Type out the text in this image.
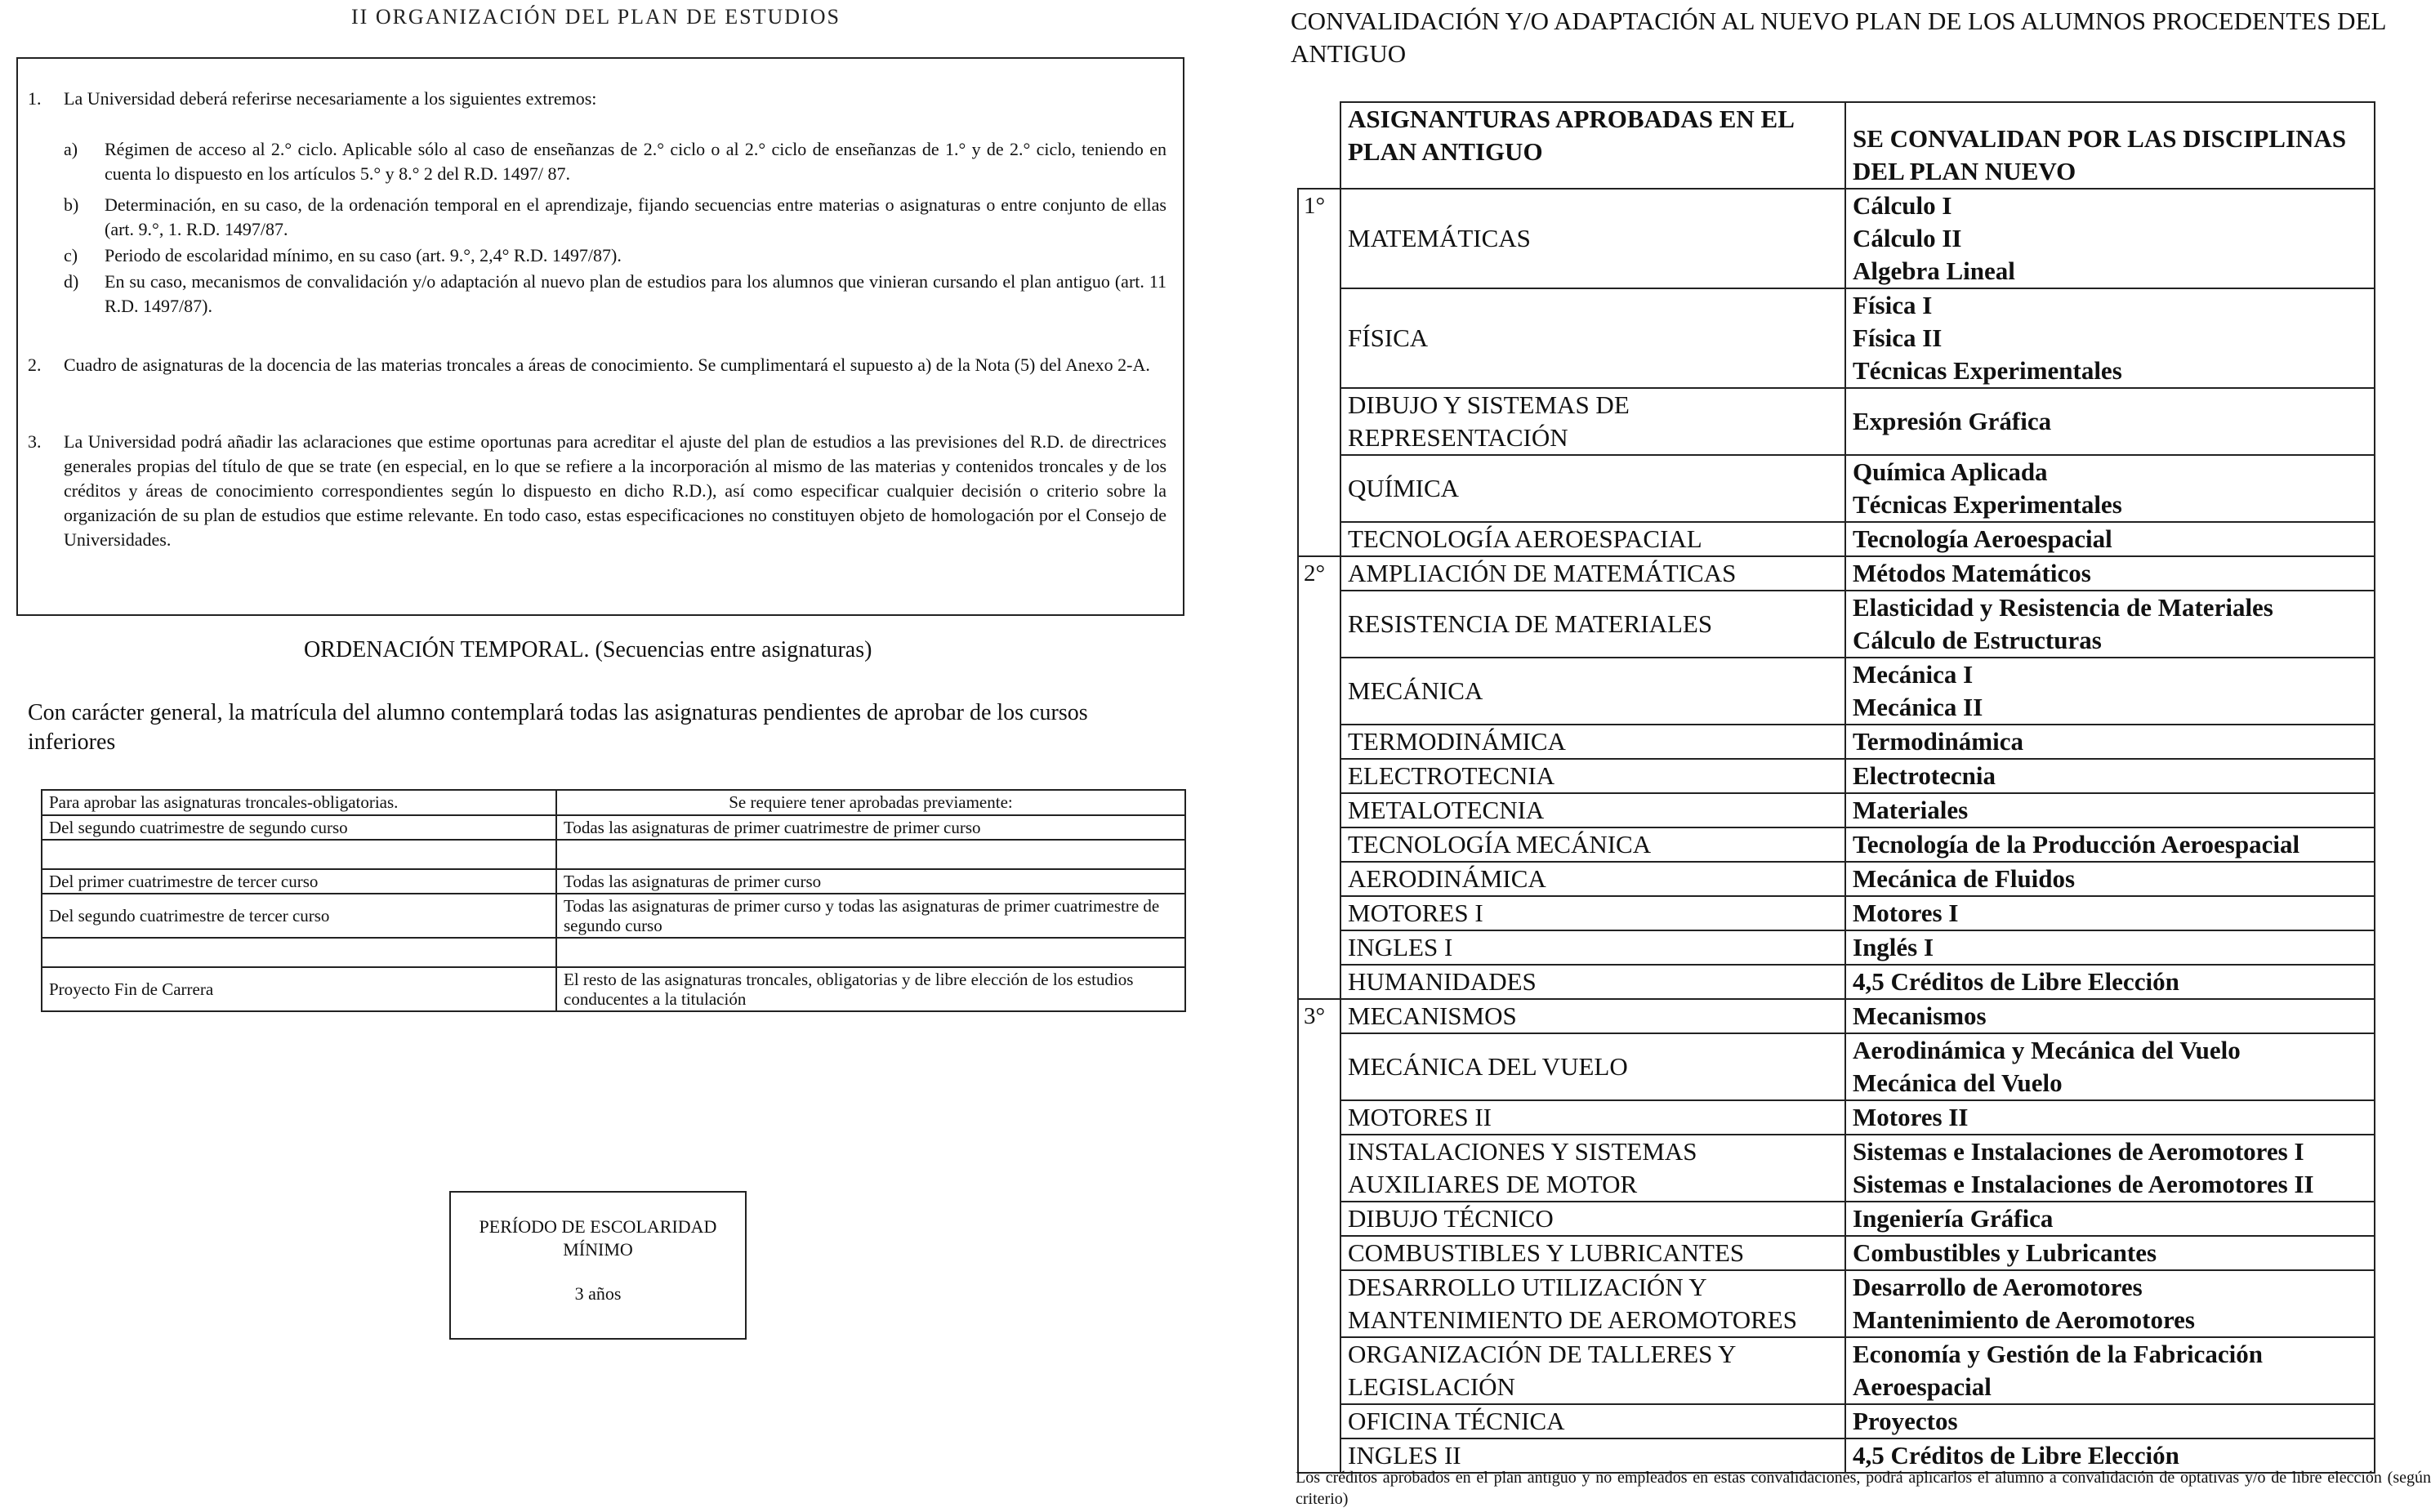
II ORGANIZACIÓN DEL PLAN DE ESTUDIOS
1. La Universidad deberá referirse necesariamente a los siguientes extremos:
a) Régimen de acceso al 2.° ciclo. Aplicable sólo al caso de enseñanzas de 2.° ciclo o al 2.° ciclo de enseñanzas de 1.° y de 2.° ciclo, teniendo en cuenta lo dispuesto en los artículos 5.° y 8.° 2 del R.D. 1497/ 87.
b) Determinación, en su caso, de la ordenación temporal en el aprendizaje, fijando secuencias entre materias o asignaturas o entre conjunto de ellas (art. 9.°, 1. R.D. 1497/87.
c) Periodo de escolaridad mínimo, en su caso (art. 9.°, 2,4° R.D. 1497/87).
d) En su caso, mecanismos de convalidación y/o adaptación al nuevo plan de estudios para los alumnos que vinieran cursando el plan antiguo (art. 11 R.D. 1497/87).
2. Cuadro de asignaturas de la docencia de las materias troncales a áreas de conocimiento. Se cumplimentará el supuesto a) de la Nota (5) del Anexo 2-A.
3. La Universidad podrá añadir las aclaraciones que estime oportunas para acreditar el ajuste del plan de estudios a las previsiones del R.D. de directrices generales propias del título de que se trate (en especial, en lo que se refiere a la incorporación al mismo de las materias y contenidos troncales y de los créditos y áreas de conocimiento correspondientes según lo dispuesto en dicho R.D.), así como especificar cualquier decisión o criterio sobre la organización de su plan de estudios que estime relevante. En todo caso, estas especificaciones no constituyen objeto de homologación por el Consejo de Universidades.
ORDENACIÓN TEMPORAL. (Secuencias entre asignaturas)
Con carácter general, la matrícula del alumno contemplará todas las asignaturas pendientes de aprobar de los cursos inferiores
Para aprobar las asignaturas troncales-obligatorias.	Se requiere tener aprobadas previamente:
Del segundo cuatrimestre de segundo curso	Todas las asignaturas de primer cuatrimestre de primer curso

Del primer cuatrimestre de tercer curso	Todas las asignaturas de primer curso
Del segundo cuatrimestre de tercer curso	Todas las asignaturas de primer curso y todas las asignaturas de primer cuatrimestre de segundo curso

Proyecto Fin de Carrera	El resto de las asignaturas troncales, obligatorias y de libre elección de los estudios conducentes a la titulación
PERÍODO DE ESCOLARIDAD
MÍNIMO
3 años
CONVALIDACIÓN Y/O ADAPTACIÓN AL NUEVO PLAN DE LOS ALUMNOS PROCEDENTES DEL ANTIGUO
	ASIGNANTURAS APROBADAS EN EL PLAN ANTIGUO	SE CONVALIDAN POR LAS DISCIPLINAS DEL PLAN NUEVO
1°	MATEMÁTICAS	Cálculo I
Cálculo II
Algebra Lineal

	FÍSICA	Física I
Física II
Técnicas Experimentales

	DIBUJO Y SISTEMAS DE REPRESENTACIÓN	Expresión Gráfica

	QUÍMICA	Química Aplicada
Técnicas Experimentales

	TECNOLOGÍA AEROESPACIAL	Tecnología Aeroespacial

2°	AMPLIACIÓN DE MATEMÁTICAS	Métodos Matemáticos

	RESISTENCIA DE MATERIALES	Elasticidad y Resistencia de Materiales
Cálculo de Estructuras

	MECÁNICA	Mecánica I
Mecánica II

	TERMODINÁMICA	Termodinámica

	ELECTROTECNIA	Electrotecnia

	METALOTECNIA	Materiales

	TECNOLOGÍA MECÁNICA	Tecnología de la Producción Aeroespacial

	AERODINÁMICA	Mecánica de Fluidos

	MOTORES I	Motores I

	INGLES I	Inglés I

	HUMANIDADES	4,5 Créditos de Libre Elección

3°	MECANISMOS	Mecanismos

	MECÁNICA DEL VUELO	Aerodinámica y Mecánica del Vuelo
Mecánica del Vuelo

	MOTORES II	Motores II

	INSTALACIONES Y SISTEMAS AUXILIARES DE MOTOR	Sistemas e Instalaciones de Aeromotores I
Sistemas e Instalaciones de Aeromotores II

	DIBUJO TÉCNICO	Ingeniería Gráfica

	COMBUSTIBLES Y LUBRICANTES	Combustibles y Lubricantes

	DESARROLLO UTILIZACIÓN Y MANTENIMIENTO DE AEROMOTORES	Desarrollo de Aeromotores
Mantenimiento de Aeromotores

	ORGANIZACIÓN DE TALLERES Y LEGISLACIÓN	Economía y Gestión de la Fabricación
Aeroespacial

	OFICINA TÉCNICA	Proyectos

	INGLES II	4,5 Créditos de Libre Elección
Los créditos aprobados en el plan antiguo y no empleados en estas convalidaciones, podrá aplicarlos el alumno a convalidación de optativas y/o de libre elección (según criterio)
